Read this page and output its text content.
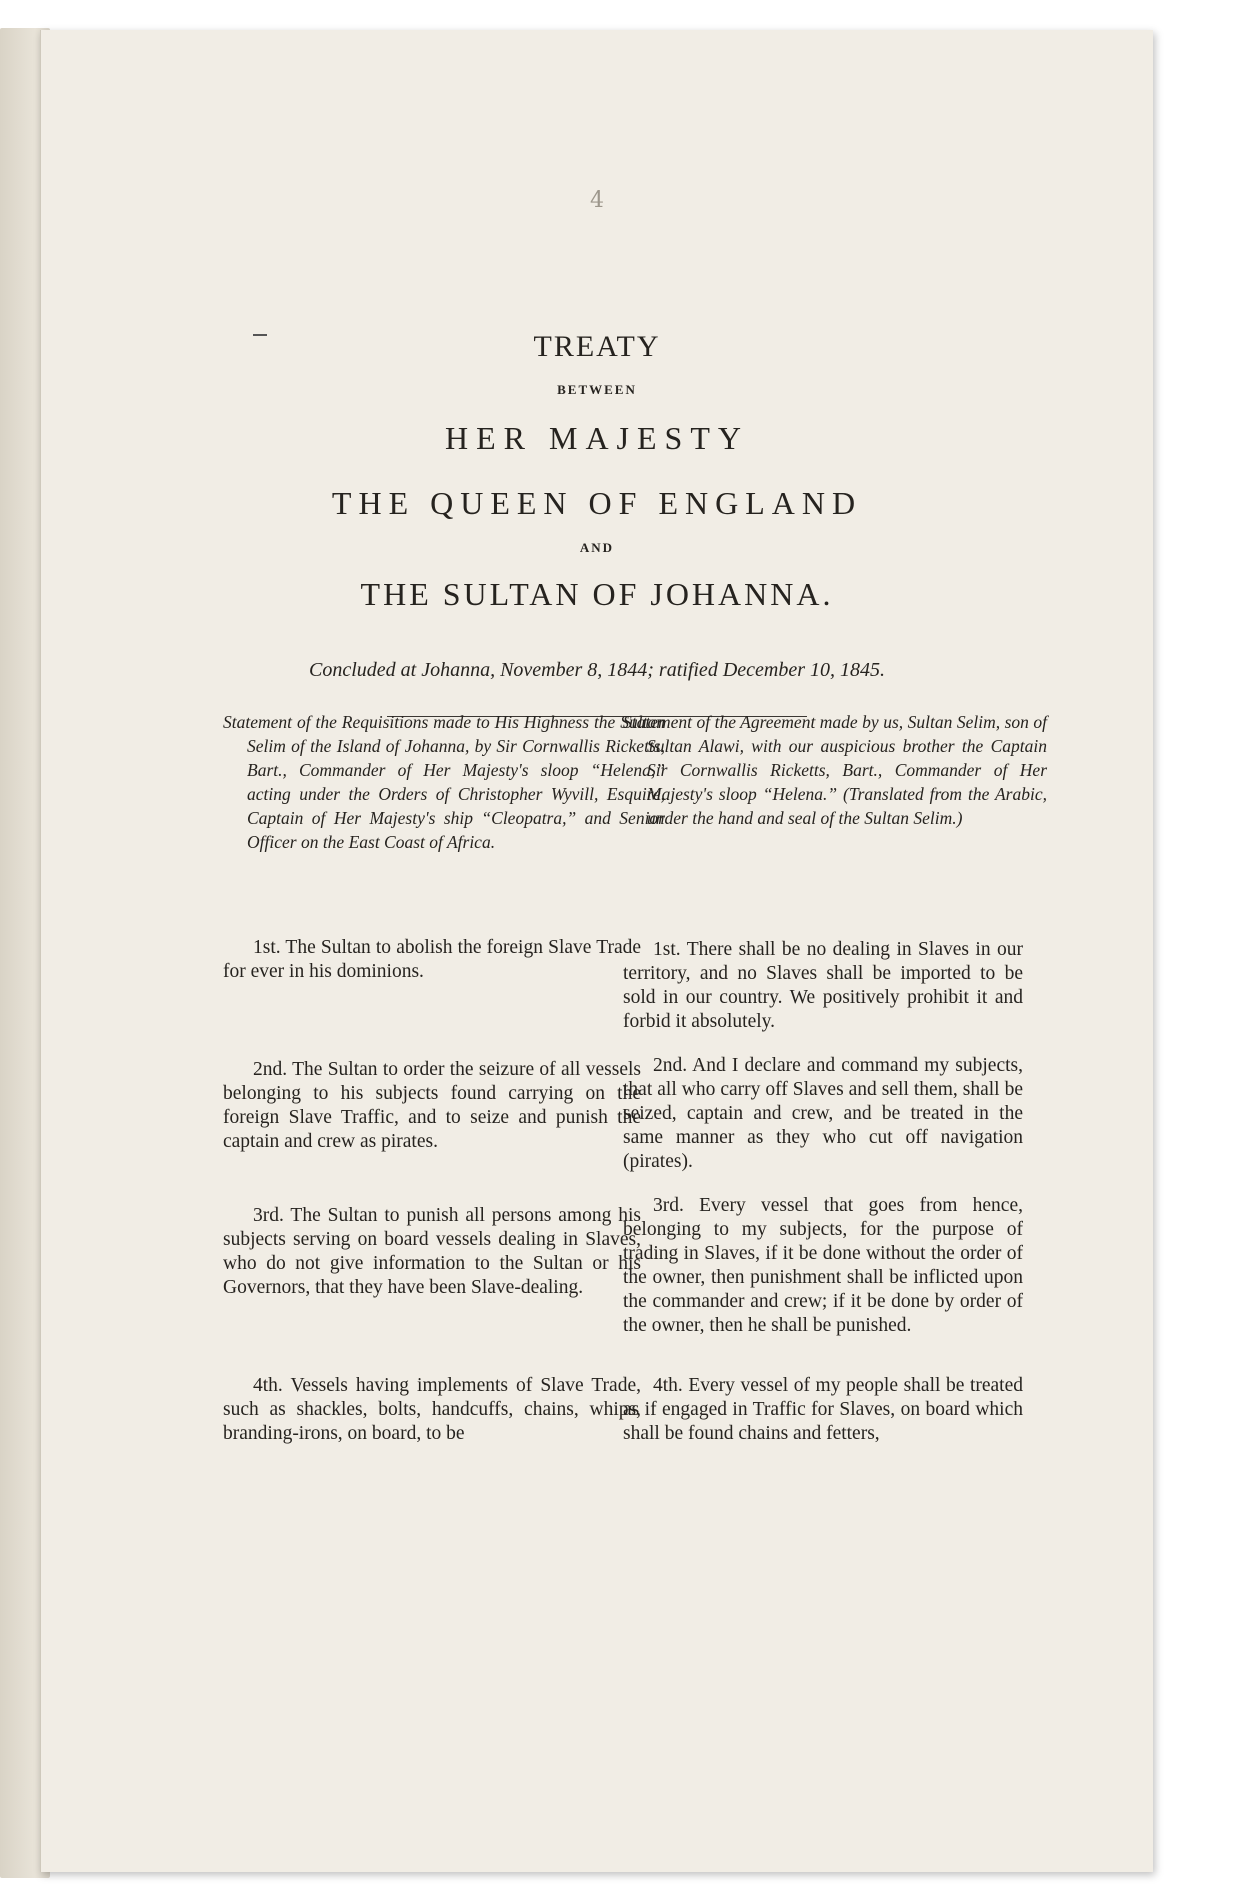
4
TREATY
BETWEEN
HER MAJESTY
THE QUEEN OF ENGLAND
AND
THE SULTAN OF JOHANNA.
Concluded at Johanna, November 8, 1844; ratified December 10, 1845.
Statement of the Requisitions made to His Highness the Sultan Selim of the Island of Johanna, by Sir Cornwallis Ricketts, Bart., Commander of Her Majesty's sloop “Helena,” acting under the Orders of Christopher Wyvill, Esquire, Captain of Her Majesty's ship “Cleopatra,” and Senior Officer on the East Coast of Africa.
1st. The Sultan to abolish the foreign Slave Trade for ever in his dominions.
2nd. The Sultan to order the seizure of all vessels belonging to his subjects found carrying on the foreign Slave Traffic, and to seize and punish the captain and crew as pirates.
3rd. The Sultan to punish all persons among his subjects serving on board vessels dealing in Slaves, who do not give information to the Sultan or his Governors, that they have been Slave-dealing.
4th. Vessels having implements of Slave Trade, such as shackles, bolts, handcuffs, chains, whips, branding-irons, on board, to be
Statement of the Agreement made by us, Sultan Selim, son of Sultan Alawi, with our auspicious brother the Captain Sir Cornwallis Ricketts, Bart., Commander of Her Majesty's sloop “Helena.” (Translated from the Arabic, under the hand and seal of the Sultan Selim.)
1st. There shall be no dealing in Slaves in our territory, and no Slaves shall be imported to be sold in our country. We positively prohibit it and forbid it absolutely.
2nd. And I declare and command my subjects, that all who carry off Slaves and sell them, shall be seized, captain and crew, and be treated in the same manner as they who cut off navigation (pirates).
3rd. Every vessel that goes from hence, belonging to my subjects, for the purpose of trading in Slaves, if it be done without the order of the owner, then punishment shall be inflicted upon the commander and crew; if it be done by order of the owner, then he shall be punished.
4th. Every vessel of my people shall be treated as if engaged in Traffic for Slaves, on board which shall be found chains and fetters,
